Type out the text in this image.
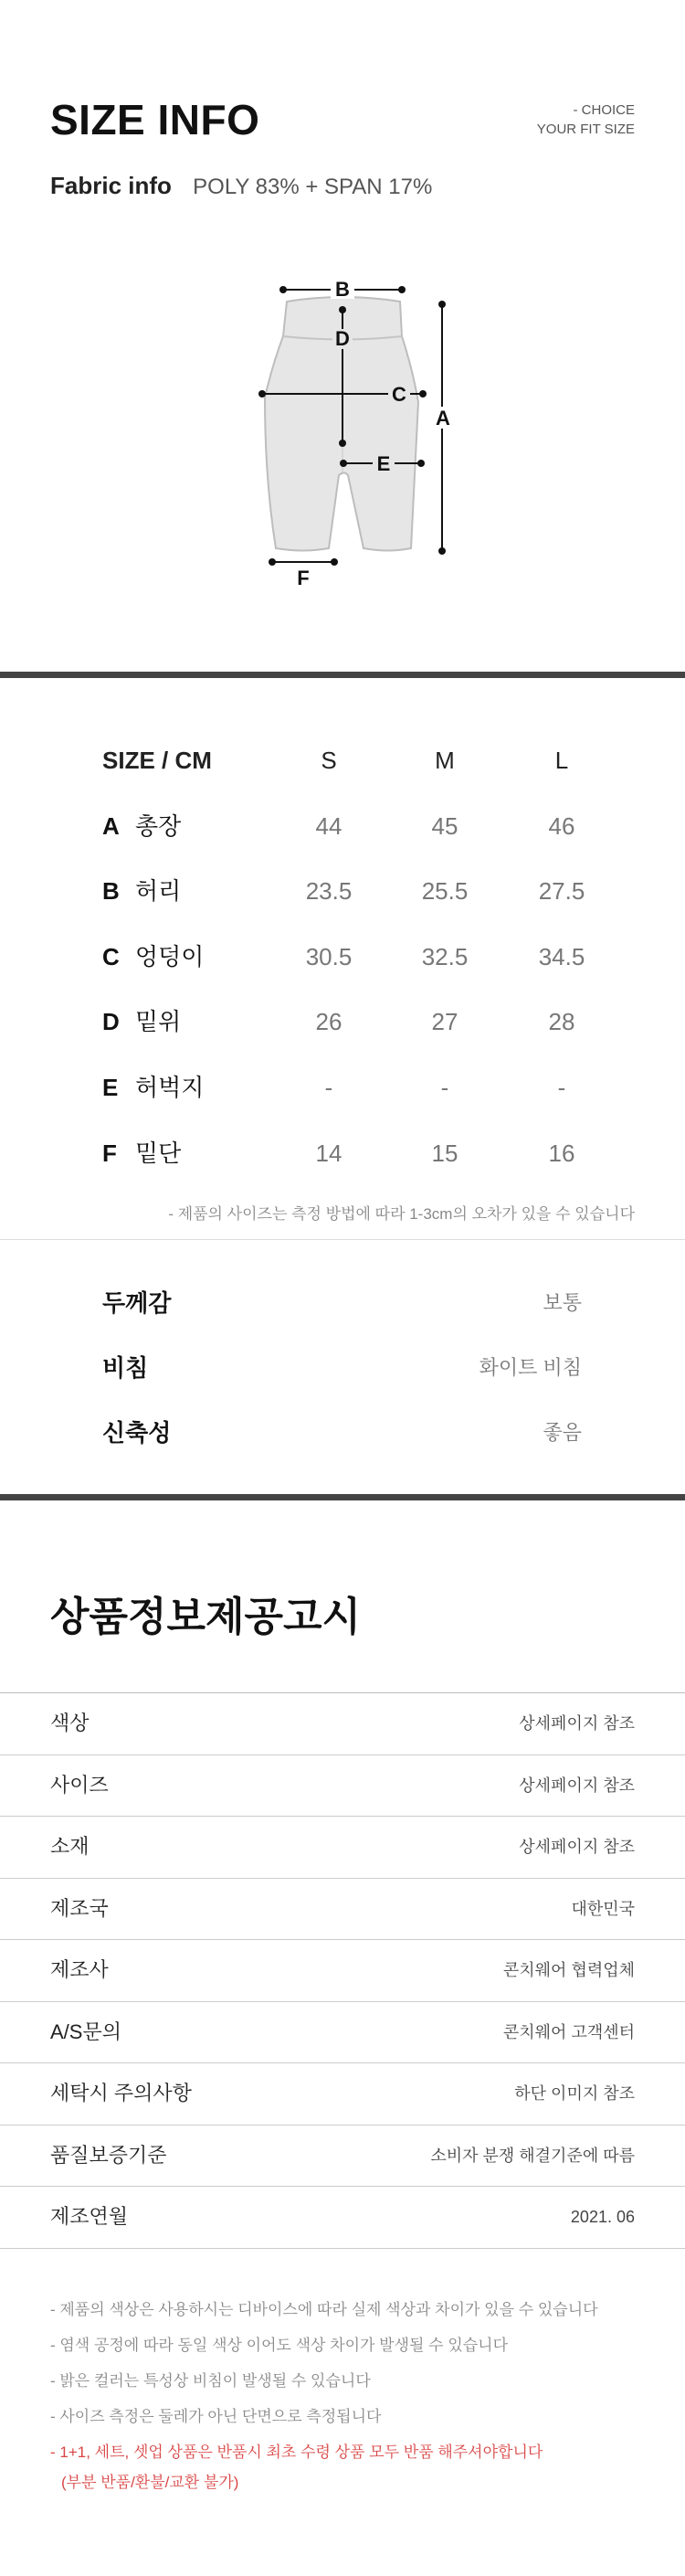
SIZE INFO	- CHOICE
YOUR FIT SIZE
Fabric info POLY 83% + SPAN 17%
B
D
C
E
A
F
SIZE / CM	S	M	L
A 총장	44	45	46
B 허리	23.5	25.5	27.5
C 엉덩이	30.5	32.5	34.5
D 밑위	26	27	28
E 허벅지	-	-	-
F 밑단	14	15	16
- 제품의 사이즈는 측정 방법에 따라 1-3cm의 오차가 있을 수 있습니다
두께감	보통
비침	화이트 비침
신축성	좋음
상품정보제공고시
색상	상세페이지 참조
사이즈	상세페이지 참조
소재	상세페이지 참조
제조국	대한민국
제조사	콘치웨어 협력업체
A/S문의	콘치웨어 고객센터
세탁시 주의사항	하단 이미지 참조
품질보증기준	소비자 분쟁 해결기준에 따름
제조연월	2021. 06
- 제품의 색상은 사용하시는 디바이스에 따라 실제 색상과 차이가 있을 수 있습니다
- 염색 공정에 따라 동일 색상 이어도 색상 차이가 발생될 수 있습니다
- 밝은 컬러는 특성상 비침이 발생될 수 있습니다
- 사이즈 측정은 둘레가 아닌 단면으로 측정됩니다
- 1+1, 세트, 셋업 상품은 반품시 최초 수령 상품 모두 반품 해주셔야합니다
(부분 반품/환불/교환 불가)
